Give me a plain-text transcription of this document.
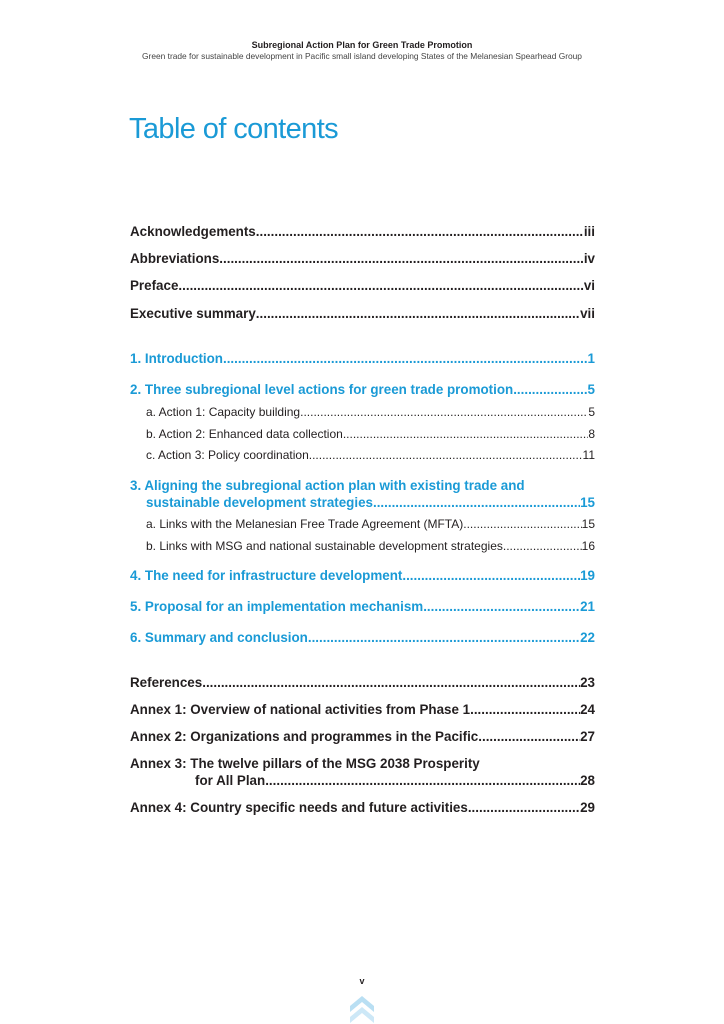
Subregional Action Plan for Green Trade Promotion
Green trade for sustainable development in Pacific small island developing States of the Melanesian Spearhead Group
Table of contents
Acknowledgements .....	iii
Abbreviations .....	iv
Preface .....	vi
Executive summary .....	vii
1. Introduction .....	1
2. Three subregional level actions for green trade promotion .....	5
a. Action 1: Capacity building .....	5
b. Action 2: Enhanced data collection .....	8
c. Action 3: Policy coordination .....	11
3. Aligning the subregional action plan with existing trade and
sustainable development strategies .....	15
a. Links with the Melanesian Free Trade Agreement (MFTA) .....	15
b. Links with MSG and national sustainable development strategies .....	16
4. The need for infrastructure development .....	19
5. Proposal for an implementation mechanism .....	21
6. Summary and conclusion .....	22
References .....	23
Annex 1: Overview of national activities from Phase 1 .....	24
Annex 2: Organizations and programmes in the Pacific .....	27
Annex 3: The twelve pillars of the MSG 2038 Prosperity
for All Plan .....	28
Annex 4: Country specific needs and future activities .....	29
v
